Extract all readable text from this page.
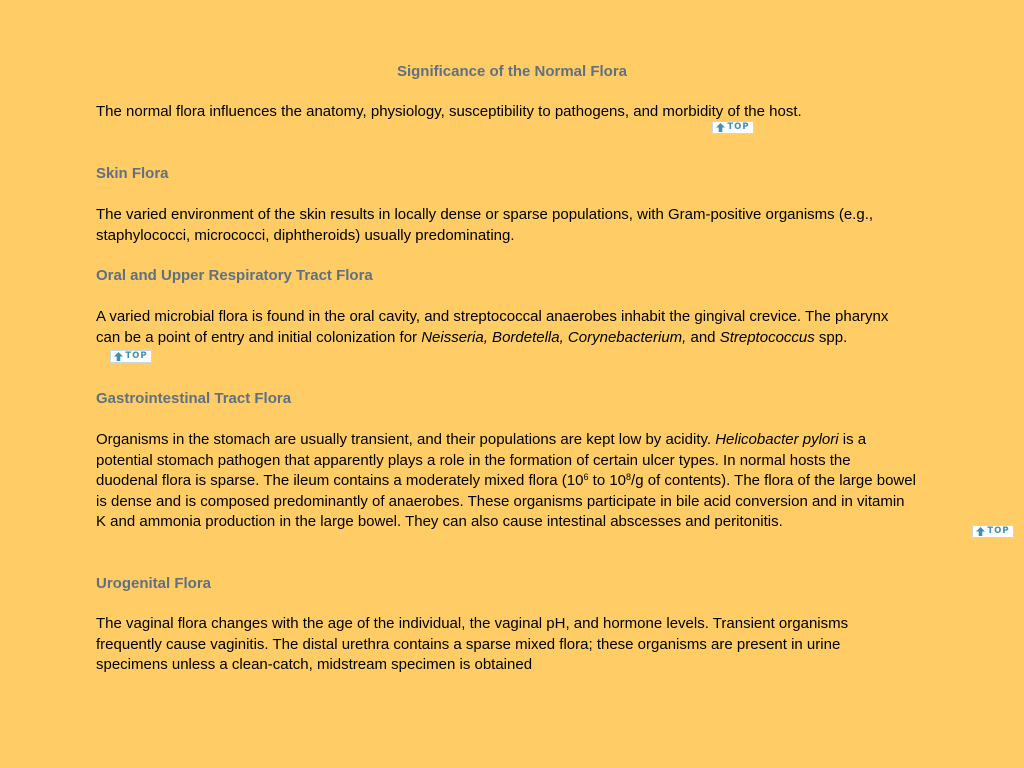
Significance of the Normal Flora
The normal flora influences the anatomy, physiology, susceptibility to pathogens, and morbidity of the host.
TOP
Skin Flora
The varied environment of the skin results in locally dense or sparse populations, with Gram-positive organisms (e.g., staphylococci, micrococci, diphtheroids) usually predominating.
Oral and Upper Respiratory Tract Flora
A varied microbial flora is found in the oral cavity, and streptococcal anaerobes inhabit the gingival crevice. The pharynx can be a point of entry and initial colonization for Neisseria, Bordetella, Corynebacterium, and Streptococcus spp.
TOP
Gastrointestinal Tract Flora
Organisms in the stomach are usually transient, and their populations are kept low by acidity. Helicobacter pylori is a potential stomach pathogen that apparently plays a role in the formation of certain ulcer types. In normal hosts the duodenal flora is sparse. The ileum contains a moderately mixed flora ($10^6$ to $10^8/g$ of contents). The flora of the large bowel is dense and is composed predominantly of anaerobes. These organisms participate in bile acid conversion and in vitamin K and ammonia production in the large bowel. They can also cause intestinal abscesses and peritonitis.
TOP
Urogenital Flora
The vaginal flora changes with the age of the individual, the vaginal pH, and hormone levels. Transient organisms frequently cause vaginitis. The distal urethra contains a sparse mixed flora; these organisms are present in urine specimens unless a clean-catch, midstream specimen is obtained
